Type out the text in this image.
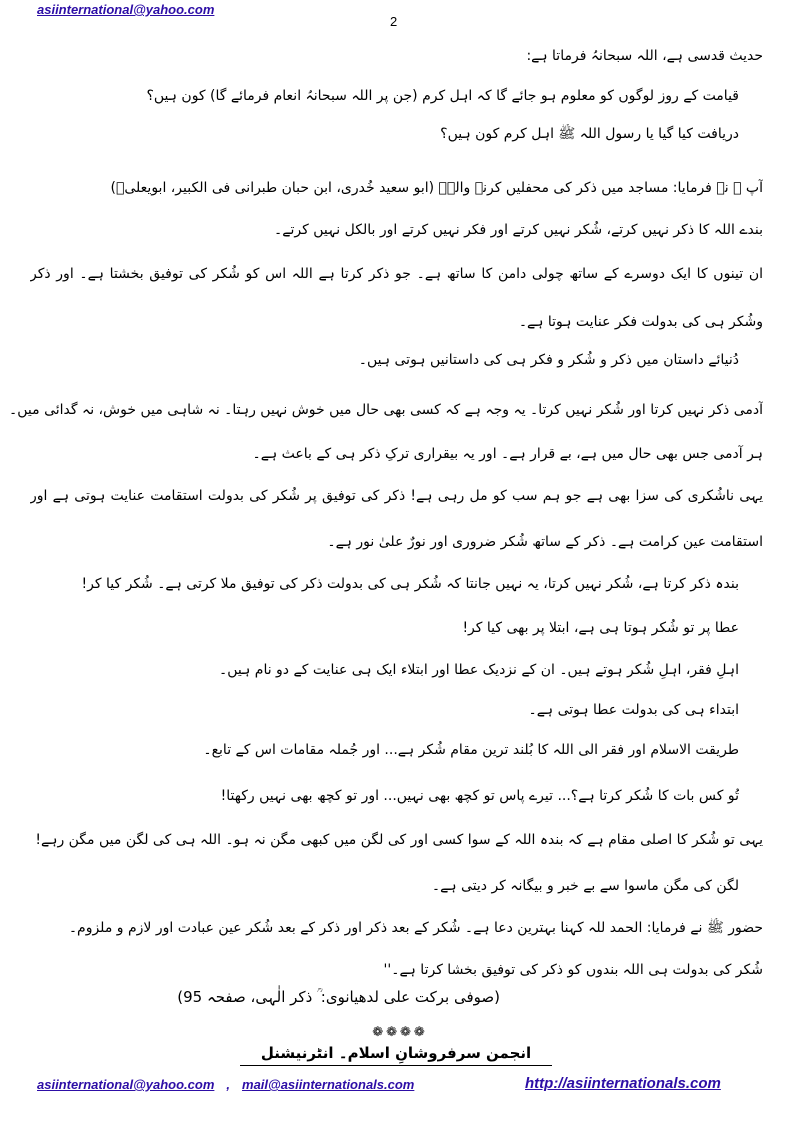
asiinternational@yahoo.com
2
حدیث قدسی ہے، اللہ سبحانہُ فرماتا ہے:
قیامت کے روز لوگوں کو معلوم ہو جائے گا کہ اہل کرم (جن پر اللہ سبحانہُ انعام فرمائے گا) کون ہیں؟
دریافت کیا گیا یا رسول اللہ ﷺ اہل کرم کون ہیں؟
آپ ﷺ نے فرمایا: مساجد میں ذکر کی محفلیں کرنے والے۔ (ابو سعید خُدری، ابن حبان طبرانی فی الکبیر، ابویعلیؒ)
بندے اللہ کا ذکر نہیں کرتے، شُکر نہیں کرتے اور فکر نہیں کرتے اور بالکل نہیں کرتے۔
ان تینوں کا ایک دوسرے کے ساتھ چولی دامن کا ساتھ ہے۔ جو ذکر کرتا ہے اللہ اس کو شُکر کی توفیق بخشتا ہے۔ اور ذکر
وشُکر ہی کی بدولت فکر عنایت ہوتا ہے۔
دُنیائے داستان میں ذکر و شُکر و فکر ہی کی داستانیں ہوتی ہیں۔
آدمی ذکر نہیں کرتا اور شُکر نہیں کرتا۔ یہ وجہ ہے کہ کسی بھی حال میں خوش نہیں رہتا۔ نہ شاہی میں خوش، نہ گدائی میں۔
ہر آدمی جس بھی حال میں ہے، بے قرار ہے۔ اور یہ بیقراری ترکِ ذکر ہی کے باعث ہے۔
یہی ناشُکری کی سزا بھی ہے جو ہم سب کو مل رہی ہے! ذکر کی توفیق پر شُکر کی بدولت استقامت عنایت ہوتی ہے اور
استقامت عین کرامت ہے۔ ذکر کے ساتھ شُکر ضروری اور نورٌ علیٰ نور ہے۔
بندہ ذکر کرتا ہے، شُکر نہیں کرتا، یہ نہیں جانتا کہ شُکر ہی کی بدولت ذکر کی توفیق ملا کرتی ہے۔ شُکر کیا کر!
عطا پر تو شُکر ہوتا ہی ہے، ابتلا پر بھی کیا کر!
اہلِ فقر، اہلِ شُکر ہوتے ہیں۔ ان کے نزدیک عطا اور ابتلاء ایک ہی عنایت کے دو نام ہیں۔
ابتداء ہی کی بدولت عطا ہوتی ہے۔
طریقت الاسلام اور فقر الی اللہ کا بُلند ترین مقام شُکر ہے... اور جُملہ مقامات اس کے تابع۔
تُو کس بات کا شُکر کرتا ہے؟... تیرے پاس تو کچھ بھی نہیں... اور تو کچھ بھی نہیں رکھتا!
یہی تو شُکر کا اصلی مقام ہے کہ بندہ اللہ کے سوا کسی اور کی لگن میں کبھی مگن نہ ہو۔ اللہ ہی کی لگن میں مگن رہے!
لگن کی مگن ماسوا سے بے خبر و بیگانہ کر دیتی ہے۔
حضور ﷺ نے فرمایا: الحمد للہ کہنا بہترین دعا ہے۔ شُکر کے بعد ذکر اور ذکر کے بعد شُکر عین عبادت اور لازم و ملزوم۔
شُکر کی بدولت ہی اللہ بندوں کو ذکر کی توفیق بخشا کرتا ہے۔''
(صوفی برکت علی لدھیانوی: ؒ ذکر الٰہی، صفحہ 95)
❁❁❁❁
انجمن سرفروشانِ اسلام۔ انٹرنیشنل
asiinternational@yahoo.com , mail@asiinternationals.com	http://asiinternationals.com
